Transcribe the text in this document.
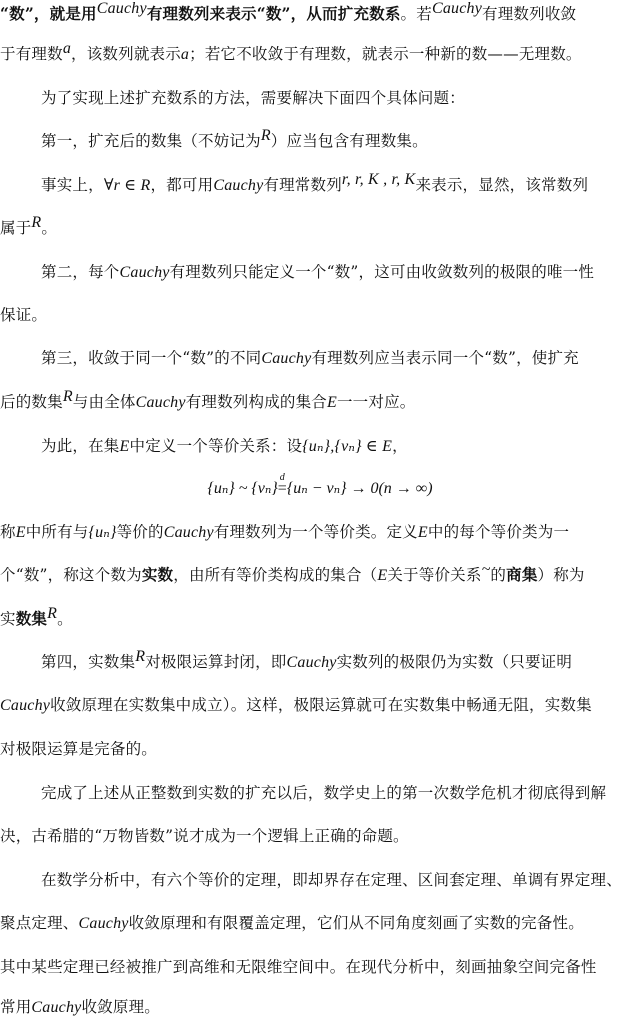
“数”，就是用Cauchy有理数列来表示“数”，从而扩充数系。若Cauchy有理数列收敛
于有理数a，该数列就表示a；若它不收敛于有理数，就表示一种新的数——无理数。
为了实现上述扩充数系的方法，需要解决下面四个具体问题：
第一，扩充后的数集（不妨记为R）应当包含有理数集。
事实上，∀r ∈ R，都可用Cauchy有理常数列r, r, K , r, K来表示，显然，该常数列
属于R。
第二，每个Cauchy有理数列只能定义一个“数”，这可由收敛数列的极限的唯一性
保证。
第三，收敛于同一个“数”的不同Cauchy有理数列应当表示同一个“数”，使扩充
后的数集R与由全体Cauchy有理数列构成的集合E一一对应。
为此，在集E中定义一个等价关系：设{uₙ},{vₙ} ∈ E，
{uₙ} ~ {vₙ}
d
={uₙ − vₙ} → 0(n → ∞)
称E中所有与{uₙ}等价的Cauchy有理数列为一个等价类。定义E中的每个等价类为一
个“数”，称这个数为实数，由所有等价类构成的集合（E关于等价关系~的商集）称为
实数集R。
第四，实数集R对极限运算封闭，即Cauchy实数列的极限仍为实数（只要证明
Cauchy收敛原理在实数集中成立）。这样，极限运算就可在实数集中畅通无阻，实数集
对极限运算是完备的。
完成了上述从正整数到实数的扩充以后，数学史上的第一次数学危机才彻底得到解
决，古希腊的“万物皆数”说才成为一个逻辑上正确的命题。
在数学分析中，有六个等价的定理，即却界存在定理、区间套定理、单调有界定理、
聚点定理、Cauchy收敛原理和有限覆盖定理，它们从不同角度刻画了实数的完备性。
其中某些定理已经被推广到高维和无限维空间中。在现代分析中，刻画抽象空间完备性
常用Cauchy收敛原理。
